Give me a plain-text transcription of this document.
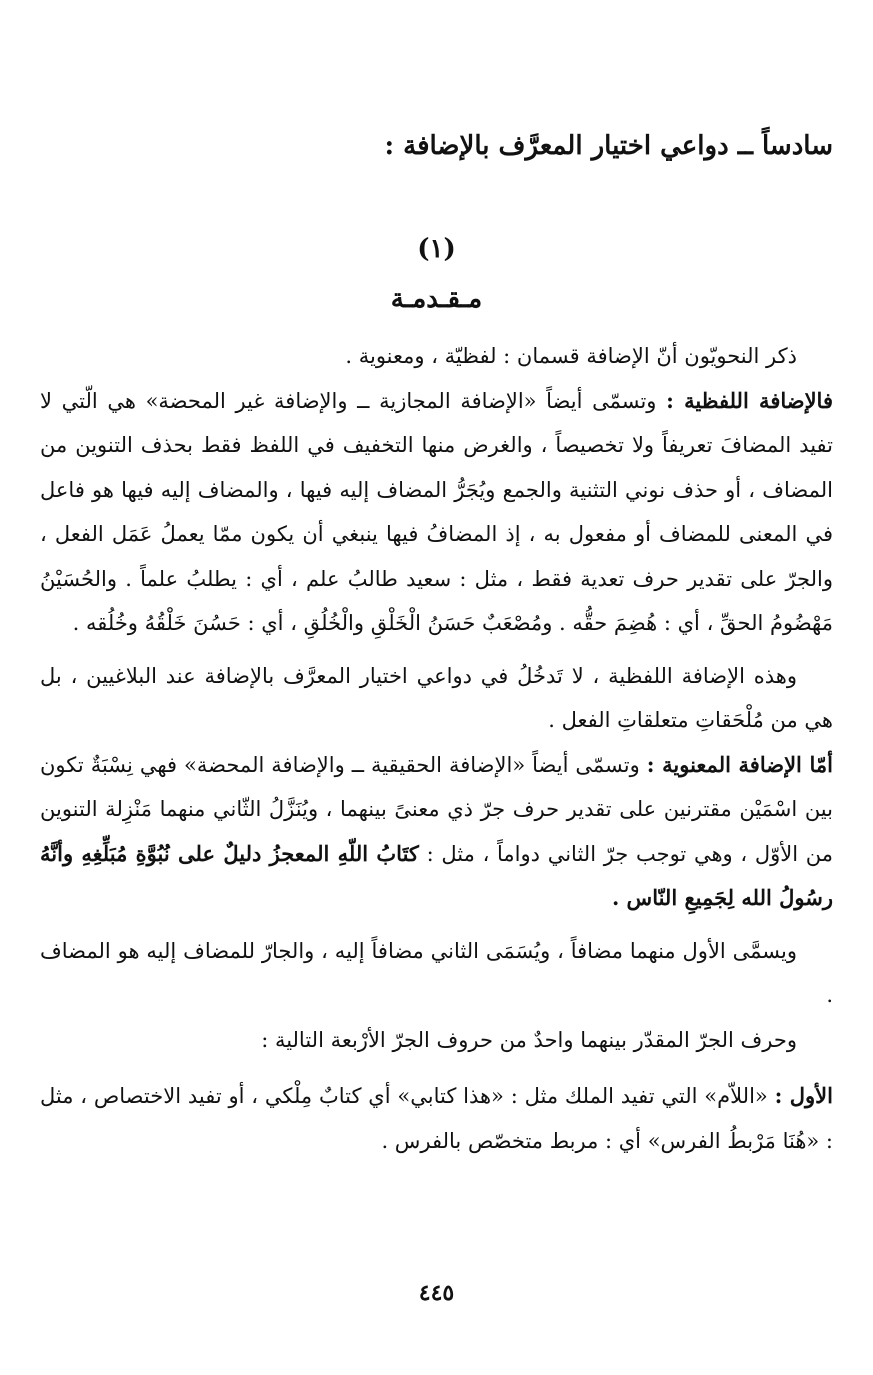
سادساً ــ دواعي اختيار المعرَّف بالإضافة :
(١)
مـقـدمـة

ذكر النحويّون أنّ الإضافة قسمان : لفظيّة ، ومعنوية .

فالإضافة اللفظية : وتسمّى أيضاً «الإضافة المجازية ــ والإضافة غير المحضة» هي الّتي لا تفيد المضافَ تعريفاً ولا تخصيصاً ، والغرض منها التخفيف في اللفظ فقط بحذف التنوين من المضاف ، أو حذف نوني التثنية والجمع ويُجَرُّ المضاف إليه فيها ، والمضاف إليه فيها هو فاعل في المعنى للمضاف أو مفعول به ، إذ المضافُ فيها ينبغي أن يكون ممّا يعملُ عَمَل الفعل ، والجرّ على تقدير حرف تعدية فقط ، مثل : سعيد طالبُ علم ، أي : يطلبُ علماً . والحُسَيْنُ مَهْضُومُ الحقِّ ، أي : هُضِمَ حقُّه . ومُصْعَبٌ حَسَنُ الْخَلْقِ والْخُلُقِ ، أي : حَسُنَ خَلْقُهُ وخُلُقه .

وهذه الإضافة اللفظية ، لا تَدخُلُ في دواعي اختيار المعرَّف بالإضافة عند البلاغيين ، بل هي من مُلْحَقاتِ متعلقاتِ الفعل .

أمّا الإضافة المعنوية : وتسمّى أيضاً «الإضافة الحقيقية ــ والإضافة المحضة» فهي نِسْبَةٌ تكون بين اسْمَيْن مقترنين على تقدير حرف جرّ ذي معنىً بينهما ، ويُنَزَّلُ الثّاني منهما مَنْزِلة التنوين من الأوّل ، وهي توجب جرّ الثاني دواماً ، مثل : كتَابُ اللّهِ المعجزُ دليلٌ على نُبُوَّةِ مُبَلِّغِهِ وأنَّهُ رسُولُ الله لِجَمِيعِ النّاس .

ويسمَّى الأول منهما مضافاً ، ويُسَمَى الثاني مضافاً إليه ، والجارّ للمضاف إليه هو المضاف .

وحرف الجرّ المقدّر بينهما واحدٌ من حروف الجرّ الأرْبعة التالية :

الأول : «اللاّم» التي تفيد الملك مثل : «هذا كتابي» أي كتابٌ مِلْكي ، أو تفيد الاختصاص ، مثل : «هُنَا مَرْبطُ الفرس» أي : مربط متخصّص بالفرس .

٤٤٥
